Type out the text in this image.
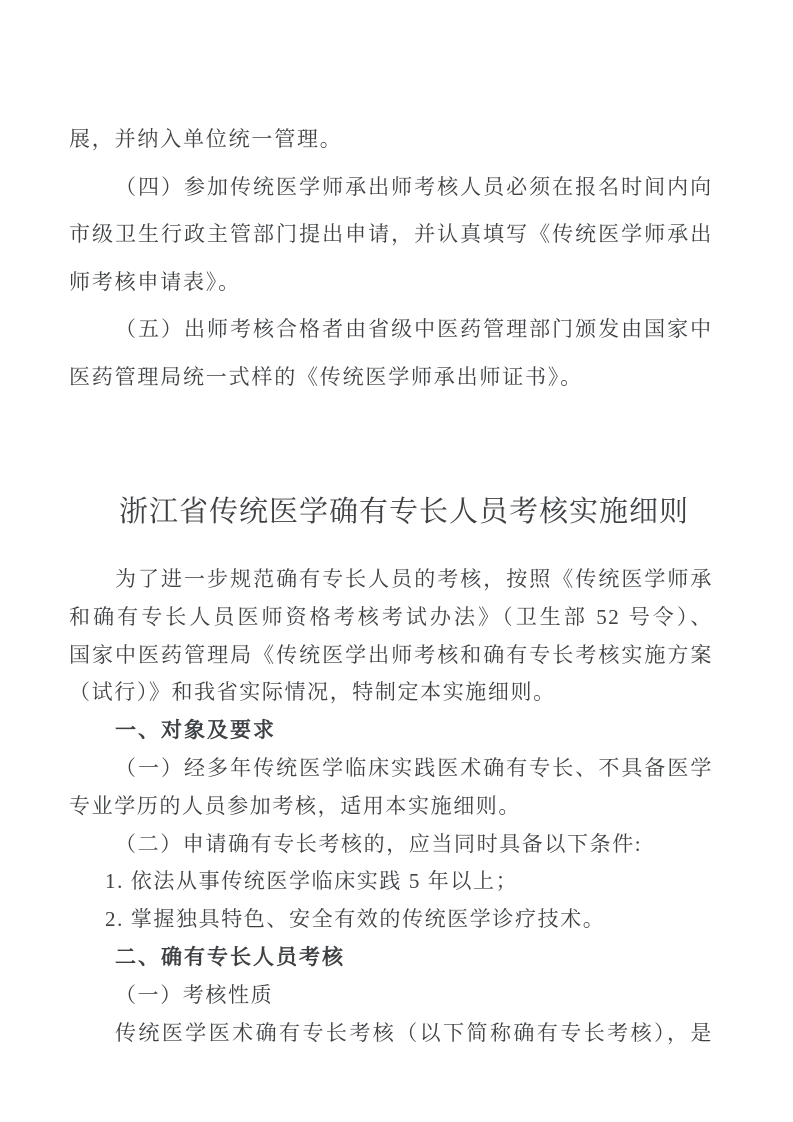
展，并纳入单位统一管理。

（四）参加传统医学师承出师考核人员必须在报名时间内向

市级卫生行政主管部门提出申请，并认真填写《传统医学师承出

师考核申请表》。

（五）出师考核合格者由省级中医药管理部门颁发由国家中

医药管理局统一式样的《传统医学师承出师证书》。

浙江省传统医学确有专长人员考核实施细则

为了进一步规范确有专长人员的考核，按照《传统医学师承

和确有专长人员医师资格考核考试办法》（卫生部 52 号令）、

国家中医药管理局《传统医学出师考核和确有专长考核实施方案

（试行）》和我省实际情况，特制定本实施细则。

一、对象及要求

（一）经多年传统医学临床实践医术确有专长、不具备医学

专业学历的人员参加考核，适用本实施细则。

（二）申请确有专长考核的，应当同时具备以下条件:

1. 依法从事传统医学临床实践 5 年以上；

2. 掌握独具特色、安全有效的传统医学诊疗技术。

二、确有专长人员考核

（一）考核性质

传统医学医术确有专长考核（以下简称确有专长考核），是
